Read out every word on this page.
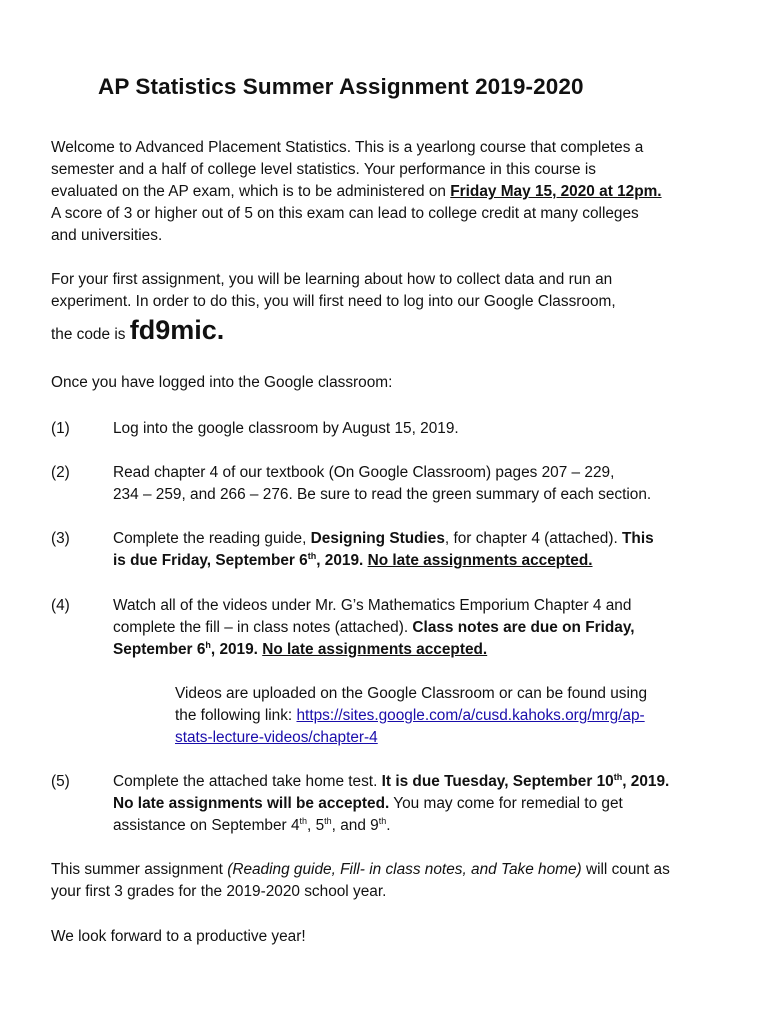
AP Statistics Summer Assignment 2019-2020
Welcome to Advanced Placement Statistics. This is a yearlong course that completes a
semester and a half of college level statistics. Your performance in this course is
evaluated on the AP exam, which is to be administered on Friday May 15, 2020 at 12pm.
A score of 3 or higher out of 5 on this exam can lead to college credit at many colleges
and universities.
For your first assignment, you will be learning about how to collect data and run an
experiment. In order to do this, you will first need to log into our Google Classroom,
the code is fd9mic.
Once you have logged into the Google classroom:
(1)	Log into the google classroom by August 15, 2019.
(2)	Read chapter 4 of our textbook (On Google Classroom) pages 207 – 229,
234 – 259, and 266 – 276. Be sure to read the green summary of each section.
(3)	Complete the reading guide, Designing Studies, for chapter 4 (attached). This
is due Friday, September 6th, 2019. No late assignments accepted.
(4)	Watch all of the videos under Mr. G’s Mathematics Emporium Chapter 4 and
complete the fill – in class notes (attached). Class notes are due on Friday,
September 6$^h$, 2019. No late assignments accepted.
Videos are uploaded on the Google Classroom or can be found using
the following link: https://sites.google.com/a/cusd.kahoks.org/mrg/ap-
stats-lecture-videos/chapter-4
(5)	Complete the attached take home test. It is due Tuesday, September 10th, 2019.
No late assignments will be accepted. You may come for remedial to get
assistance on September 4th, 5th, and 9th.
This summer assignment (Reading guide, Fill- in class notes, and Take home) will count as
your first 3 grades for the 2019-2020 school year.
We look forward to a productive year!
